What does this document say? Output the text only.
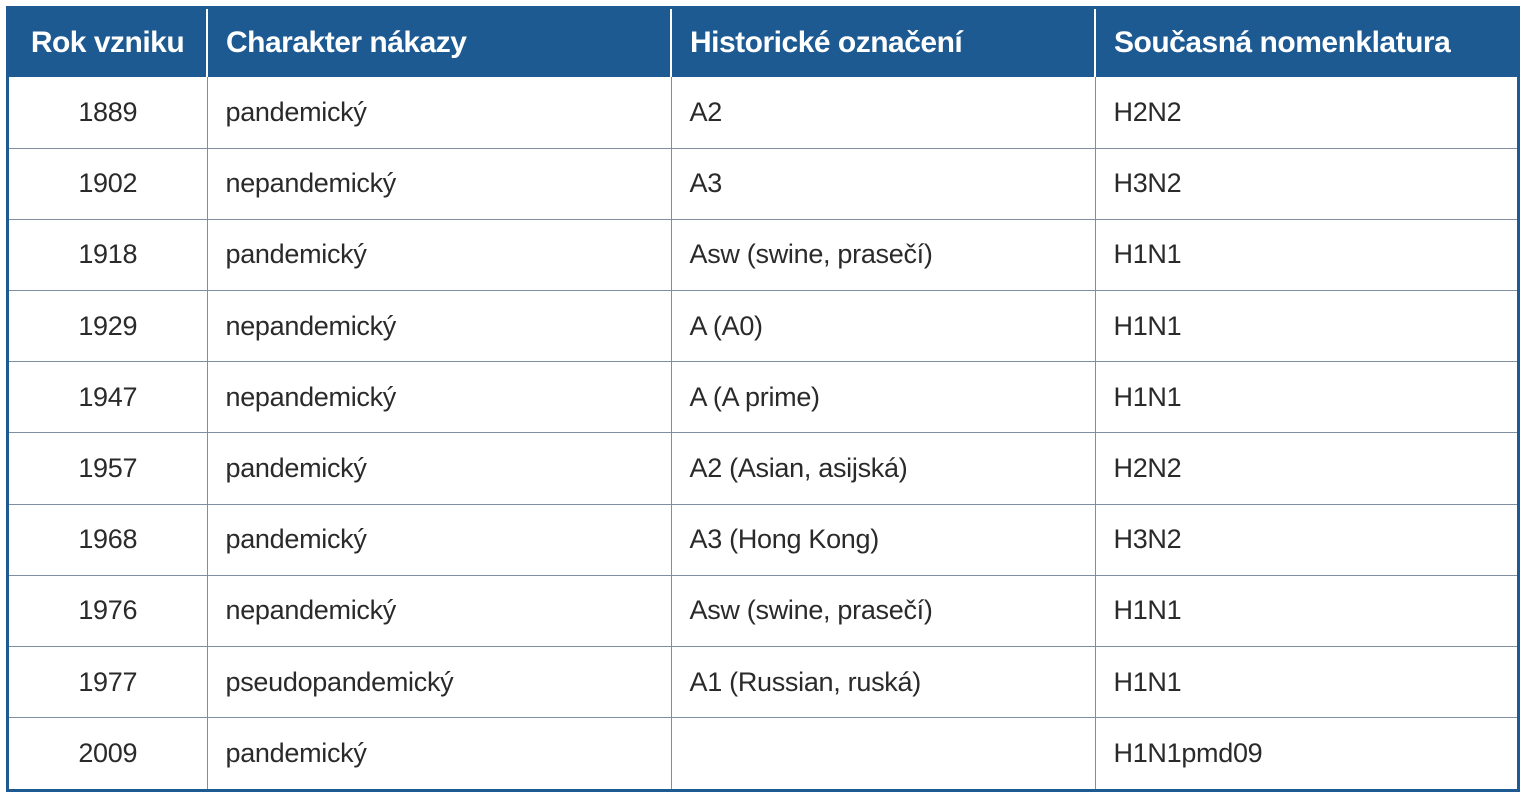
Rok vzniku	Charakter nákazy	Historické označení	Současná nomenklatura
1889	pandemický	A2	H2N2
1902	nepandemický	A3	H3N2
1918	pandemický	Asw (swine, prasečí)	H1N1
1929	nepandemický	A (A0)	H1N1
1947	nepandemický	A (A prime)	H1N1
1957	pandemický	A2 (Asian, asijská)	H2N2
1968	pandemický	A3 (Hong Kong)	H3N2
1976	nepandemický	Asw (swine, prasečí)	H1N1
1977	pseudopandemický	A1 (Russian, ruská)	H1N1
2009	pandemický		H1N1pmd09
